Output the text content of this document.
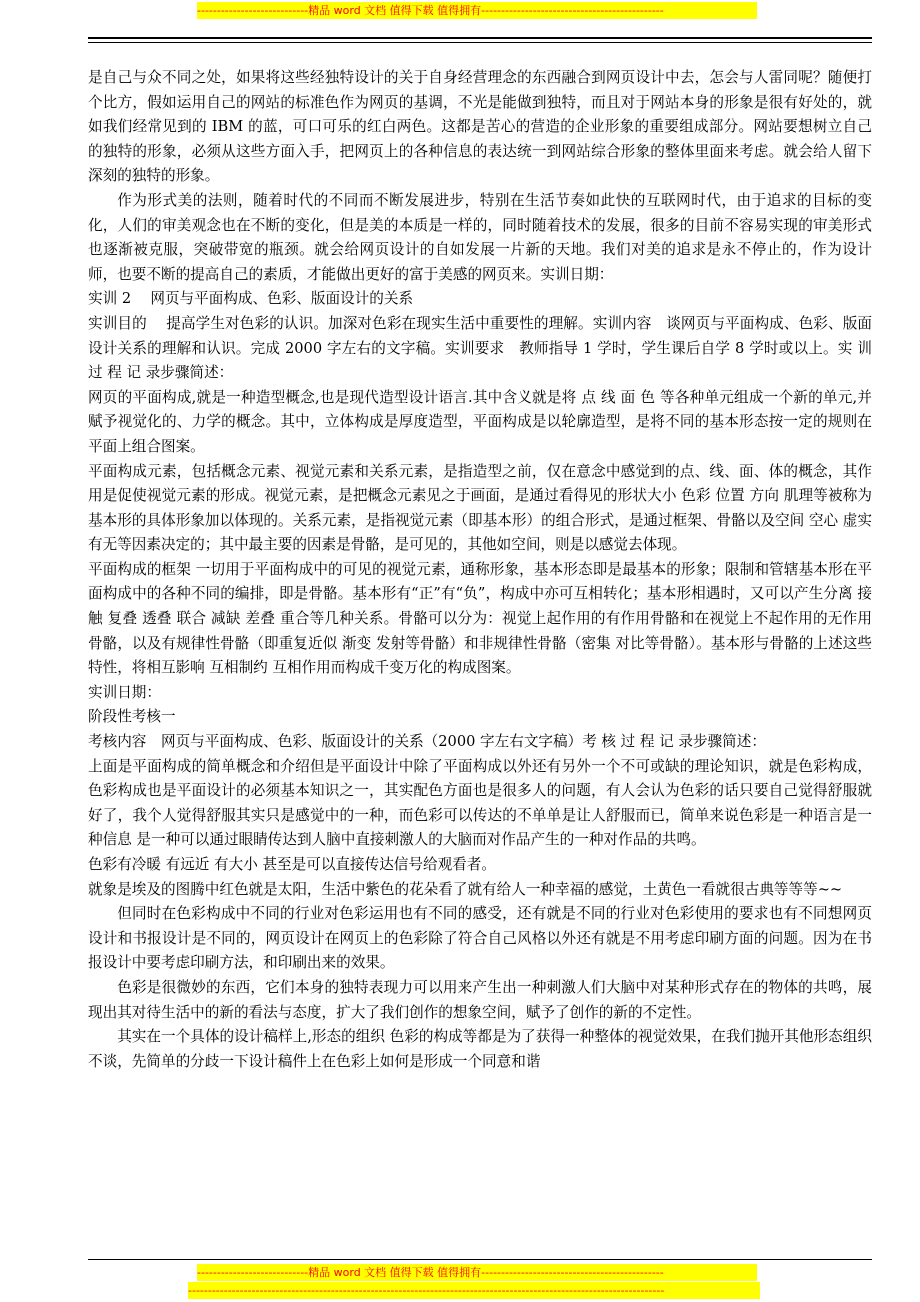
----------------------------精品 word 文档 值得下载 值得拥有----------------------------------------------

是自己与众不同之处，如果将这些经独特设计的关于自身经营理念的东西融合到网页设计中去，怎会与人雷同呢？随便打个比方，假如运用自己的网站的标准色作为网页的基调，不光是能做到独特，而且对于网站本身的形象是很有好处的，就如我们经常见到的 IBM 的蓝，可口可乐的红白两色。这都是苦心的营造的企业形象的重要组成部分。网站要想树立自己的独特的形象，必须从这些方面入手，把网页上的各种信息的表达统一到网站综合形象的整体里面来考虑。就会给人留下深刻的独特的形象。

作为形式美的法则，随着时代的不同而不断发展进步，特别在生活节奏如此快的互联网时代，由于追求的目标的变化，人们的审美观念也在不断的变化，但是美的本质是一样的，同时随着技术的发展，很多的目前不容易实现的审美形式也逐渐被克服，突破带宽的瓶颈。就会给网页设计的自如发展一片新的天地。我们对美的追求是永不停止的，作为设计师，也要不断的提高自己的素质，才能做出更好的富于美感的网页来。实训日期：

实训 2　 网页与平面构成、色彩、版面设计的关系

实训目的　 提高学生对色彩的认识。加深对色彩在现实生活中重要性的理解。实训内容　谈网页与平面构成、色彩、版面设计关系的理解和认识。完成 2000 字左右的文字稿。实训要求　教师指导 1 学时，学生课后自学 8 学时或以上。实 训 过 程 记 录步骤简述：

网页的平面构成,就是一种造型概念,也是现代造型设计语言.其中含义就是将 点 线 面 色 等各种单元组成一个新的单元,并赋予视觉化的、力学的概念。其中，立体构成是厚度造型，平面构成是以轮廓造型，是将不同的基本形态按一定的规则在平面上组合图案。

平面构成元素，包括概念元素、视觉元素和关系元素，是指造型之前，仅在意念中感觉到的点、线、面、体的概念，其作用是促使视觉元素的形成。视觉元素，是把概念元素见之于画面，是通过看得见的形状大小 色彩 位置 方向 肌理等被称为基本形的具体形象加以体现的。关系元素，是指视觉元素（即基本形）的组合形式，是通过框架、骨骼以及空间 空心 虚实 有无等因素决定的；其中最主要的因素是骨骼，是可见的，其他如空间，则是以感觉去体现。

平面构成的框架 一切用于平面构成中的可见的视觉元素，通称形象，基本形态即是最基本的形象；限制和管辖基本形在平面构成中的各种不同的编排，即是骨骼。基本形有“正”有“负”，构成中亦可互相转化；基本形相遇时，又可以产生分离 接触 复叠 透叠 联合 减缺 差叠 重合等几种关系。骨骼可以分为：视觉上起作用的有作用骨骼和在视觉上不起作用的无作用骨骼，以及有规律性骨骼（即重复近似 渐变 发射等骨骼）和非规律性骨骼（密集 对比等骨骼）。基本形与骨骼的上述这些特性，将相互影响 互相制约 互相作用而构成千变万化的构成图案。

实训日期：

阶段性考核一

考核内容　网页与平面构成、色彩、版面设计的关系（2000 字左右文字稿）考 核 过 程 记 录步骤简述：

上面是平面构成的简单概念和介绍但是平面设计中除了平面构成以外还有另外一个不可或缺的理论知识，就是色彩构成，色彩构成也是平面设计的必须基本知识之一，其实配色方面也是很多人的问题，有人会认为色彩的话只要自己觉得舒服就好了，我个人觉得舒服其实只是感觉中的一种，而色彩可以传达的不单单是让人舒服而已，简单来说色彩是一种语言是一种信息 是一种可以通过眼睛传达到人脑中直接刺激人的大脑而对作品产生的一种对作品的共鸣。

色彩有冷暖 有远近 有大小 甚至是可以直接传达信号给观看者。

就象是埃及的图腾中红色就是太阳，生活中紫色的花朵看了就有给人一种幸福的感觉，土黄色一看就很古典等等等~~

但同时在色彩构成中不同的行业对色彩运用也有不同的感受，还有就是不同的行业对色彩使用的要求也有不同想网页设计和书报设计是不同的，网页设计在网页上的色彩除了符合自己风格以外还有就是不用考虑印刷方面的问题。因为在书报设计中要考虑印刷方法，和印刷出来的效果。

色彩是很微妙的东西，它们本身的独特表现力可以用来产生出一种刺激人们大脑中对某种形式存在的物体的共鸣，展现出其对待生活中的新的看法与态度，扩大了我们创作的想象空间，赋予了创作的新的不定性。

其实在一个具体的设计稿样上,形态的组织 色彩的构成等都是为了获得一种整体的视觉效果，在我们抛开其他形态组织不谈，先简单的分歧一下设计稿件上在色彩上如何是形成一个同意和谐

----------------------------精品 word 文档 值得下载 值得拥有----------------------------------------------
------------------------------------------------------------------------------------------------------------------------
